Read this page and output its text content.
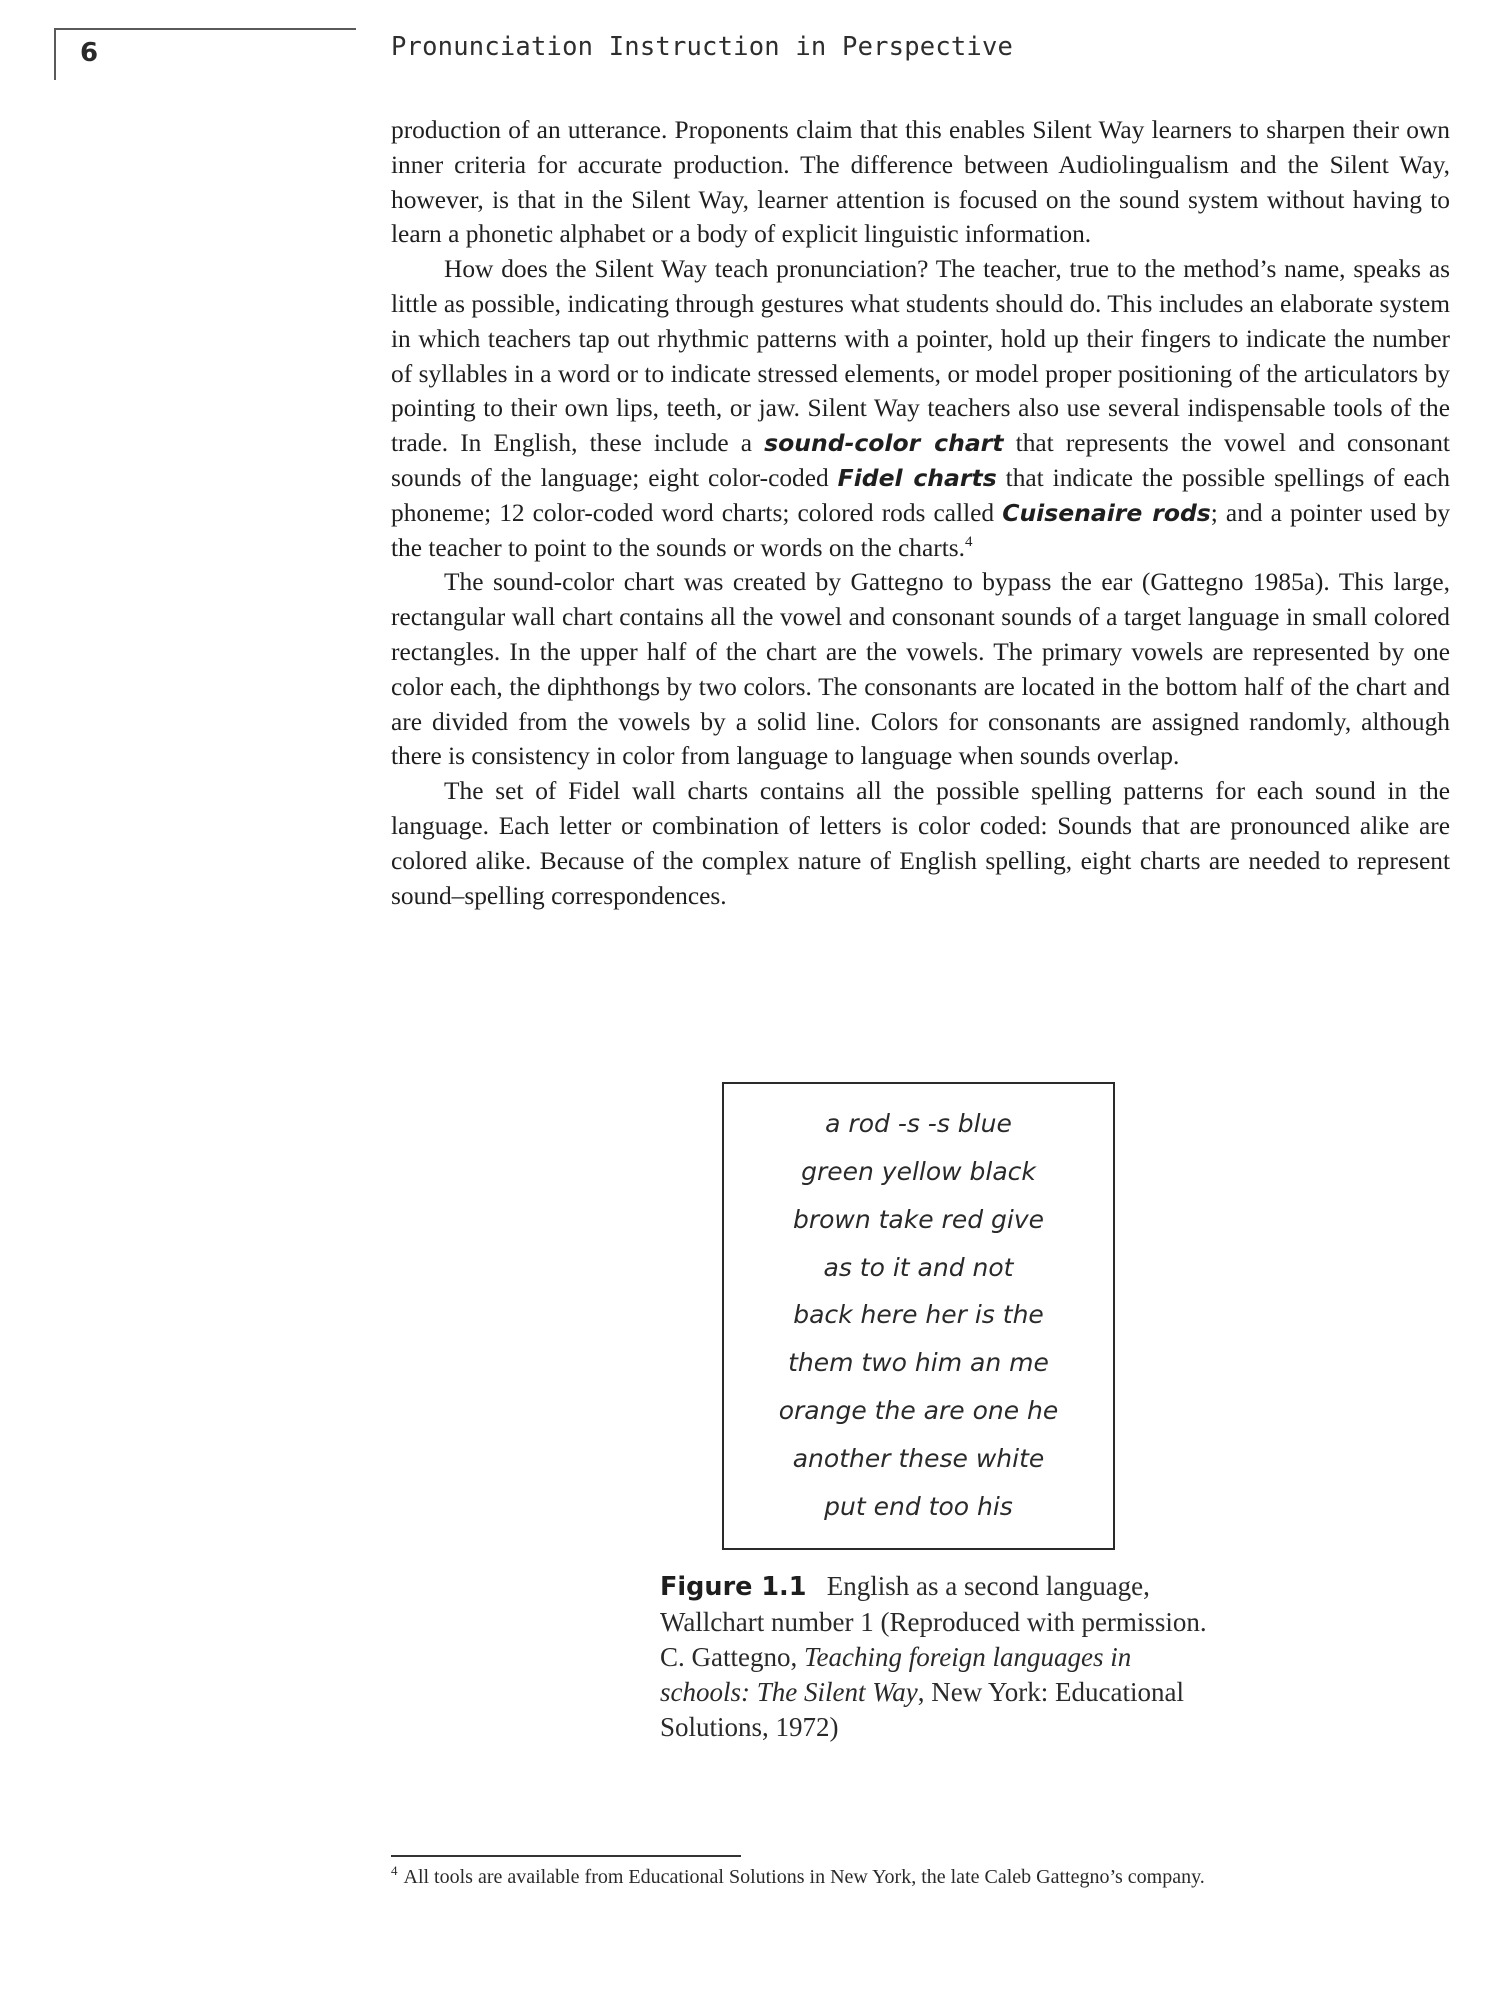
6	Pronunciation Instruction in Perspective

production of an utterance. Proponents claim that this enables Silent Way learners to sharpen their own inner criteria for accurate production. The difference between Audiolingualism and the Silent Way, however, is that in the Silent Way, learner attention is focused on the sound system without having to learn a phonetic alphabet or a body of explicit linguistic information.

How does the Silent Way teach pronunciation? The teacher, true to the method’s name, speaks as little as possible, indicating through gestures what students should do. This includes an elaborate system in which teachers tap out rhythmic patterns with a pointer, hold up their fingers to indicate the number of syllables in a word or to indicate stressed elements, or model proper positioning of the articulators by pointing to their own lips, teeth, or jaw. Silent Way teachers also use several indispensable tools of the trade. In English, these include a sound-color chart that represents the vowel and consonant sounds of the language; eight color-coded Fidel charts that indicate the possible spellings of each phoneme; 12 color-coded word charts; colored rods called Cuisenaire rods; and a pointer used by the teacher to point to the sounds or words on the charts.$^4$

The sound-color chart was created by Gattegno to bypass the ear (Gattegno 1985a). This large, rectangular wall chart contains all the vowel and consonant sounds of a target language in small colored rectangles. In the upper half of the chart are the vowels. The primary vowels are represented by one color each, the diphthongs by two colors. The consonants are located in the bottom half of the chart and are divided from the vowels by a solid line. Colors for consonants are assigned randomly, although there is consistency in color from language to language when sounds overlap.

The set of Fidel wall charts contains all the possible spelling patterns for each sound in the language. Each letter or combination of letters is color coded: Sounds that are pronounced alike are colored alike. Because of the complex nature of English spelling, eight charts are needed to represent sound–spelling correspondences.

a rod -s -s blue
green yellow black
brown take red give
as to it and not
back here her is the
them two him an me
orange the are one he
another these white
put end too his
Figure 1.1 English as a second language, Wallchart number 1 (Reproduced with permission. C. Gattegno, Teaching foreign languages in schools: The Silent Way, New York: Educational Solutions, 1972)
$^4$ All tools are available from Educational Solutions in New York, the late Caleb Gattegno’s company.
